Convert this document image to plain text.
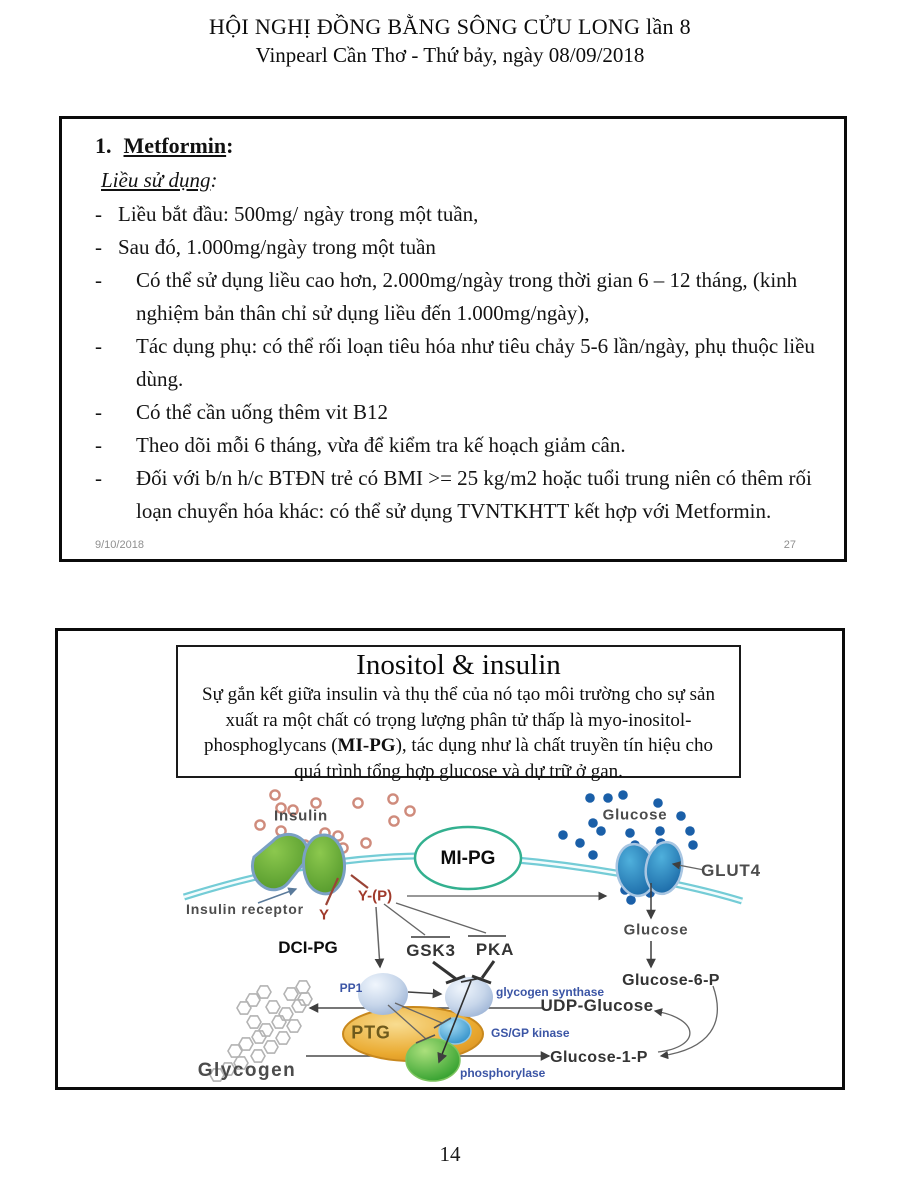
HỘI NGHỊ ĐỒNG BẰNG SÔNG CỬU LONG lần 8
Vinpearl Cần Thơ - Thứ bảy, ngày 08/09/2018
1. Metformin:
Liều sử dụng:
- Liều bắt đầu: 500mg/ ngày trong một tuần,
- Sau đó, 1.000mg/ngày trong một tuần
-	Có thể sử dụng liều cao hơn, 2.000mg/ngày trong thời gian 6 – 12 tháng, (kinh nghiệm bản thân chỉ sử dụng liều đến 1.000mg/ngày),
-	Tác dụng phụ: có thể rối loạn tiêu hóa như tiêu chảy 5-6 lần/ngày, phụ thuộc liều dùng.
-	Có thể cần uống thêm vit B12
-	Theo dõi mỗi 6 tháng, vừa để kiểm tra kế hoạch giảm cân.
-	Đối với b/n h/c BTĐN trẻ có BMI >= 25 kg/m2 hoặc tuổi trung niên có thêm rối loạn chuyển hóa khác: có thể sử dụng TVNTKHTT kết hợp với Metformin.
9/10/2018	27
Inositol & insulin
Sự gắn kết giữa insulin và thụ thể của nó tạo môi trường cho sự sản
xuất ra một chất có trọng lượng phân tử thấp là myo-inositol-
phosphoglycans (MI-PG), tác dụng như là chất truyền tín hiệu cho
quá trình tổng hợp glucose và dự trữ ở gan.
Insulin	Glucose
GLUT4
Insulin receptor
MI-PG
DCI-PG
Y-(P)
Y
GSK3 PKA
PP1	glycogen synthase
PTG	GS/GP kinase
phosphorylase
Glycogen
Glucose
Glucose-6-P
UDP-Glucose
Glucose-1-P
14
